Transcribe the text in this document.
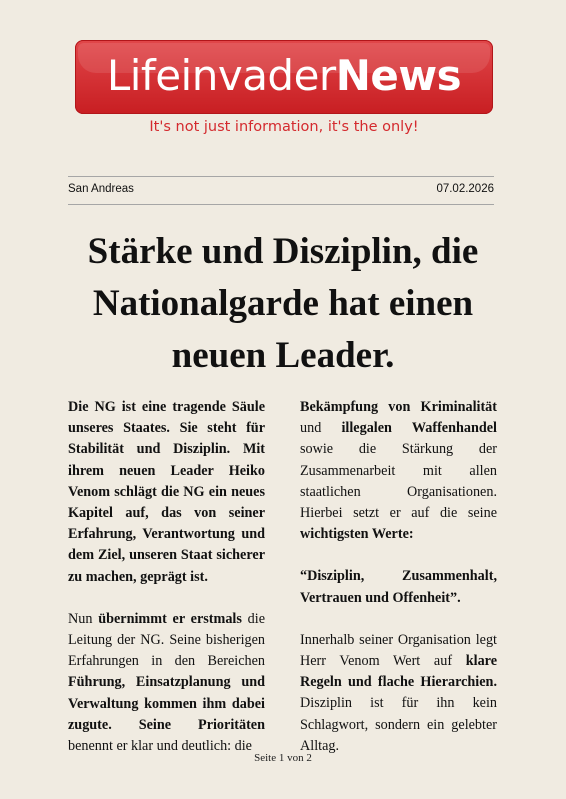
LifeinvaderNews
It's not just information, it's the only!
San Andreas	07.02.2026
Stärke und Disziplin, die Nationalgarde hat einen neuen Leader.

Die NG ist eine tragende Säule unseres Staates. Sie steht für Stabilität und Disziplin. Mit ihrem neuen Leader Heiko Venom schlägt die NG ein neues Kapitel auf, das von seiner Erfahrung, Verantwortung und dem Ziel, unseren Staat sicherer zu machen, geprägt ist.

Nun übernimmt er erstmals die Leitung der NG. Seine bisherigen Erfahrungen in den Bereichen Führung, Einsatzplanung und Verwaltung kommen ihm dabei zugute. Seine Prioritäten benennt er klar und deutlich: die

Bekämpfung von Kriminalität und illegalen Waffenhandel sowie die Stärkung der Zusammenarbeit mit allen staatlichen Organisationen. Hierbei setzt er auf die seine wichtigsten Werte:

“Disziplin, Zusammenhalt, Vertrauen und Offenheit”.

Innerhalb seiner Organisation legt Herr Venom Wert auf klare Regeln und flache Hierarchien. Disziplin ist für ihn kein Schlagwort, sondern ein gelebter Alltag.

Seite 1 von 2
